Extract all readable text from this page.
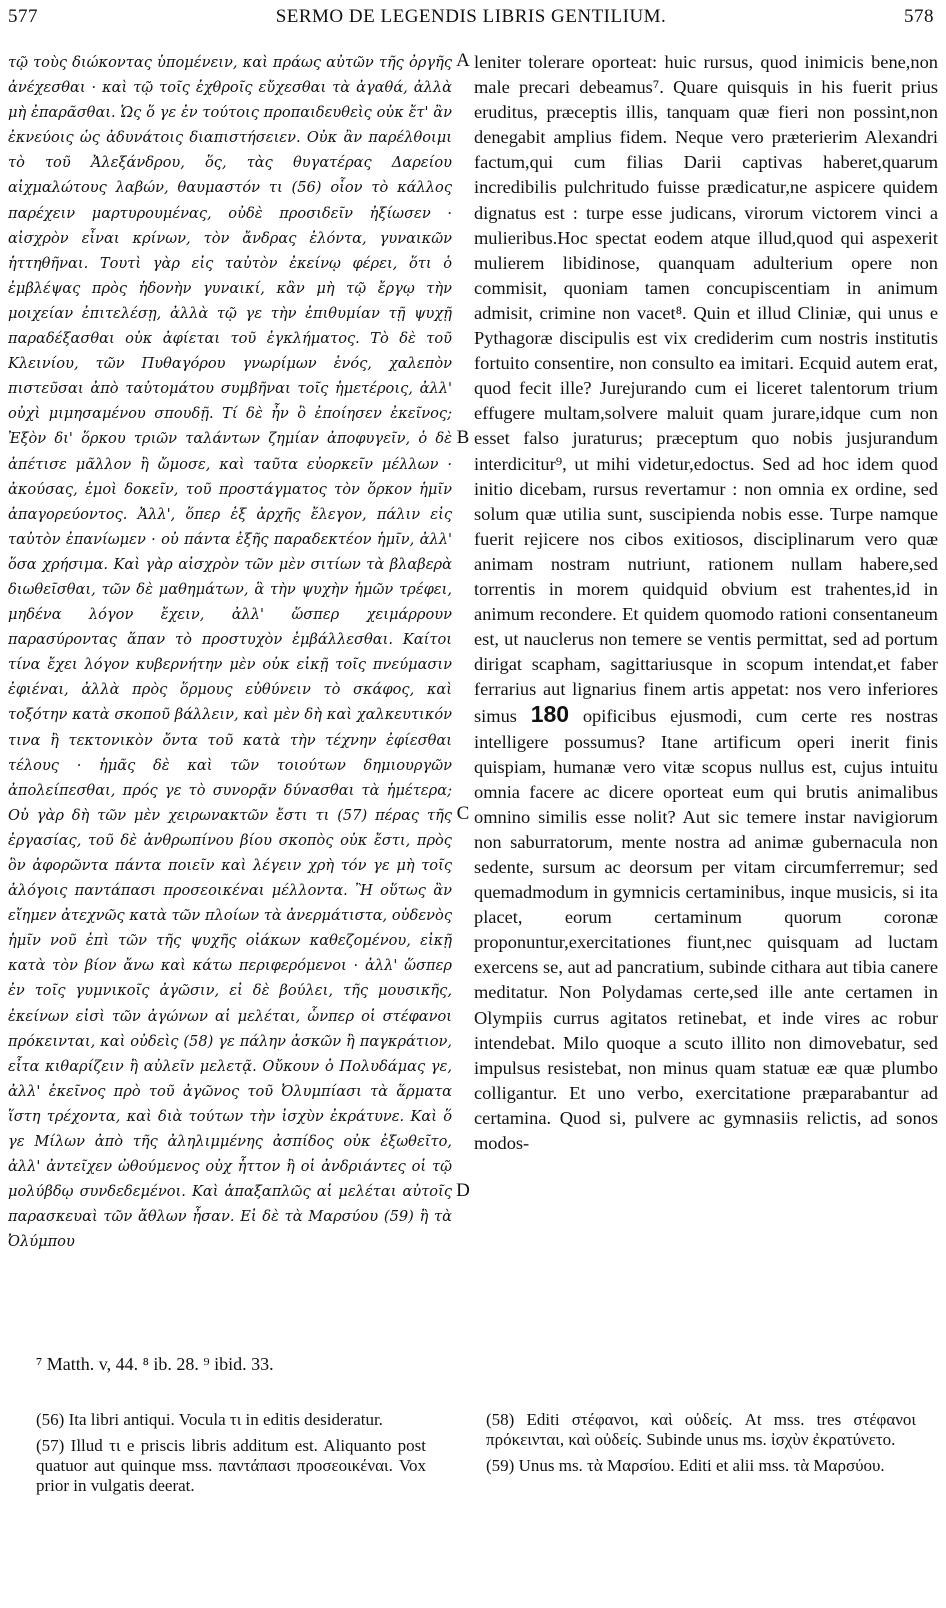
577	SERMO DE LEGENDIS LIBRIS GENTILIUM.	578

τῷ τοὺς διώκοντας ὑπομένειν, καὶ πράως αὐτῶν τῆς ὀργῆς ἀνέχεσθαι · καὶ τῷ τοῖς ἐχθροῖς εὔχεσθαι τὰ ἀγαθά, ἀλλὰ μὴ ἐπαρᾶσθαι. Ὡς ὅ γε ἐν τούτοις προπαιδευθεὶς οὐκ ἔτ' ἂν ἐκνεύοις ὡς ἀδυνάτοις διαπιστήσειεν. Οὐκ ἂν παρέλθοιμι τὸ τοῦ Ἀλεξάνδρου, ὅς, τὰς θυγατέρας Δαρείου αἰχμαλώτους λαβών, θαυμαστόν τι (56) οἷον τὸ κάλλος παρέχειν μαρτυρουμένας, οὐδὲ προσιδεῖν ἠξίωσεν · αἰσχρὸν εἶναι κρίνων, τὸν ἄνδρας ἑλόντα, γυναικῶν ἡττηθῆναι. Τουτὶ γὰρ εἰς ταὐτὸν ἐκείνῳ φέρει, ὅτι ὁ ἐμβλέψας πρὸς ἡδονὴν γυναικί, κἂν μὴ τῷ ἔργῳ τὴν μοιχείαν ἐπιτελέσῃ, ἀλλὰ τῷ γε τὴν ἐπιθυμίαν τῇ ψυχῇ παραδέξασθαι οὐκ ἀφίεται τοῦ ἐγκλήματος. Τὸ δὲ τοῦ Κλεινίου, τῶν Πυθαγόρου γνωρίμων ἑνός, χαλεπὸν πιστεῦσαι ἀπὸ ταὐτομάτου συμβῆναι τοῖς ἡμετέροις, ἀλλ' οὐχὶ μιμησαμένου σπουδῇ. Τί δὲ ἦν ὃ ἐποίησεν ἐκεῖνος; Ἐξὸν δι' ὅρκου τριῶν ταλάντων ζημίαν ἀποφυγεῖν, ὁ δὲ ἀπέτισε μᾶλλον ἢ ὤμοσε, καὶ ταῦτα εὐορκεῖν μέλλων · ἀκούσας, ἐμοὶ δοκεῖν, τοῦ προστάγματος τὸν ὅρκον ἡμῖν ἀπαγορεύοντος. Ἀλλ', ὅπερ ἐξ ἀρχῆς ἔλεγον, πάλιν εἰς ταὐτὸν ἐπανίωμεν · οὐ πάντα ἑξῆς παραδεκτέον ἡμῖν, ἀλλ' ὅσα χρήσιμα. Καὶ γὰρ αἰσχρὸν τῶν μὲν σιτίων τὰ βλαβερὰ διωθεῖσθαι, τῶν δὲ μαθημάτων, ἃ τὴν ψυχὴν ἡμῶν τρέφει, μηδένα λόγον ἔχειν, ἀλλ' ὥσπερ χειμάρρουν παρασύροντας ἅπαν τὸ προστυχὸν ἐμβάλλεσθαι. Καίτοι τίνα ἔχει λόγον κυβερνήτην μὲν οὐκ εἰκῇ τοῖς πνεύμασιν ἐφιέναι, ἀλλὰ πρὸς ὅρμους εὐθύνειν τὸ σκάφος, καὶ τοξότην κατὰ σκοποῦ βάλλειν, καὶ μὲν δὴ καὶ χαλκευτικόν τινα ἢ τεκτονικὸν ὄντα τοῦ κατὰ τὴν τέχνην ἐφίεσθαι τέλους · ἡμᾶς δὲ καὶ τῶν τοιούτων δημιουργῶν ἀπολείπεσθαι, πρός γε τὸ συνορᾷν δύνασθαι τὰ ἡμέτερα; Οὐ γὰρ δὴ τῶν μὲν χειρωνακτῶν ἔστι τι (57) πέρας τῆς ἐργασίας, τοῦ δὲ ἀνθρωπίνου βίου σκοπὸς οὐκ ἔστι, πρὸς ὃν ἀφορῶντα πάντα ποιεῖν καὶ λέγειν χρὴ τόν γε μὴ τοῖς ἀλόγοις παντάπασι προσεοικέναι μέλλοντα. Ἢ οὕτως ἂν εἴημεν ἀτεχνῶς κατὰ τῶν πλοίων τὰ ἀνερμάτιστα, οὐδενὸς ἡμῖν νοῦ ἐπὶ τῶν τῆς ψυχῆς οἰάκων καθεζομένου, εἰκῇ κατὰ τὸν βίον ἄνω καὶ κάτω περιφερόμενοι · ἀλλ' ὥσπερ ἐν τοῖς γυμνικοῖς ἀγῶσιν, εἰ δὲ βούλει, τῆς μουσικῆς, ἐκείνων εἰσὶ τῶν ἀγώνων αἱ μελέται, ὧνπερ οἱ στέφανοι πρόκεινται, καὶ οὐδεὶς (58) γε πάλην ἀσκῶν ἢ παγκράτιον, εἶτα κιθαρίζειν ἢ αὐλεῖν μελετᾷ. Οὔκουν ὁ Πολυδάμας γε, ἀλλ' ἐκεῖνος πρὸ τοῦ ἀγῶνος τοῦ Ὀλυμπίασι τὰ ἅρματα ἵστη τρέχοντα, καὶ διὰ τούτων τὴν ἰσχὺν ἐκράτυνε. Καὶ ὅ γε Μίλων ἀπὸ τῆς ἀληλιμμένης ἀσπίδος οὐκ ἐξωθεῖτο, ἀλλ' ἀντεῖχεν ὠθούμενος οὐχ ἧττον ἢ οἱ ἀνδριάντες οἱ τῷ μολύβδῳ συνδεδεμένοι. Καὶ ἁπαξαπλῶς αἱ μελέται αὐτοῖς παρασκευαὶ τῶν ἄθλων ἦσαν. Εἰ δὲ τὰ Μαρσύου (59) ἢ τὰ Ὀλύμπου

A
B
C
D

leniter tolerare oporteat: huic rursus, quod inimicis bene,non male precari debeamus⁷. Quare quisquis in his fuerit prius eruditus, præceptis illis, tanquam quæ fieri non possint,non denegabit amplius fidem. Neque vero præterierim Alexandri factum,qui cum filias Darii captivas haberet,quarum incredibilis pulchritudo fuisse prædicatur,ne aspicere quidem dignatus est : turpe esse judicans, virorum victorem vinci a mulieribus.Hoc spectat eodem atque illud,quod qui aspexerit mulierem libidinose, quanquam adulterium opere non commisit, quoniam tamen concupiscentiam in animum admisit, crimine non vacet⁸. Quin et illud Cliniæ, qui unus e Pythagoræ discipulis est vix crediderim cum nostris institutis fortuito consentire, non consulto ea imitari. Ecquid autem erat, quod fecit ille? Jurejurando cum ei liceret talentorum trium effugere multam,solvere maluit quam jurare,idque cum non esset falso juraturus; præceptum quo nobis jusjurandum interdicitur⁹, ut mihi videtur,edoctus. Sed ad hoc idem quod initio dicebam, rursus revertamur : non omnia ex ordine, sed solum quæ utilia sunt, suscipienda nobis esse. Turpe namque fuerit rejicere nos cibos exitiosos, disciplinarum vero quæ animam nostram nutriunt, rationem nullam habere,sed torrentis in morem quidquid obvium est trahentes,id in animum recondere. Et quidem quomodo rationi consentaneum est, ut nauclerus non temere se ventis permittat, sed ad portum dirigat scapham, sagittariusque in scopum intendat,et faber ferrarius aut lignarius finem artis appetat: nos vero inferiores simus 180 opificibus ejusmodi, cum certe res nostras intelligere possumus? Itane artificum operi inerit finis quispiam, humanæ vero vitæ scopus nullus est, cujus intuitu omnia facere ac dicere oporteat eum qui brutis animalibus omnino similis esse nolit? Aut sic temere instar navigiorum non saburratorum, mente nostra ad animæ gubernacula non sedente, sursum ac deorsum per vitam circumferremur; sed quemadmodum in gymnicis certaminibus, inque musicis, si ita placet, eorum certaminum quorum coronæ proponuntur,exercitationes fiunt,nec quisquam ad luctam exercens se, aut ad pancratium, subinde cithara aut tibia canere meditatur. Non Polydamas certe,sed ille ante certamen in Olympiis currus agitatos retinebat, et inde vires ac robur intendebat. Milo quoque a scuto illito non dimovebatur, sed impulsus resistebat, non minus quam statuæ eæ quæ plumbo colligantur. Et uno verbo, exercitatione præparabantur ad certamina. Quod si, pulvere ac gymnasiis relictis, ad sonos modos-

⁷ Matth. v, 44. ⁸ ib. 28. ⁹ ibid. 33.

(56) Ita libri antiqui. Vocula τι in editis desideratur.

(57) Illud τι e priscis libris additum est. Aliquanto post quatuor aut quinque mss. παντάπασι προσεοικέναι. Vox prior in vulgatis deerat.

(58) Editi στέφανοι, καὶ οὐδείς. At mss. tres στέφανοι πρόκεινται, καὶ οὐδείς. Subinde unus ms. ἰσχὺν ἐκρατύνετο.

(59) Unus ms. τὰ Μαρσίου. Editi et alii mss. τὰ Μαρσύου.
